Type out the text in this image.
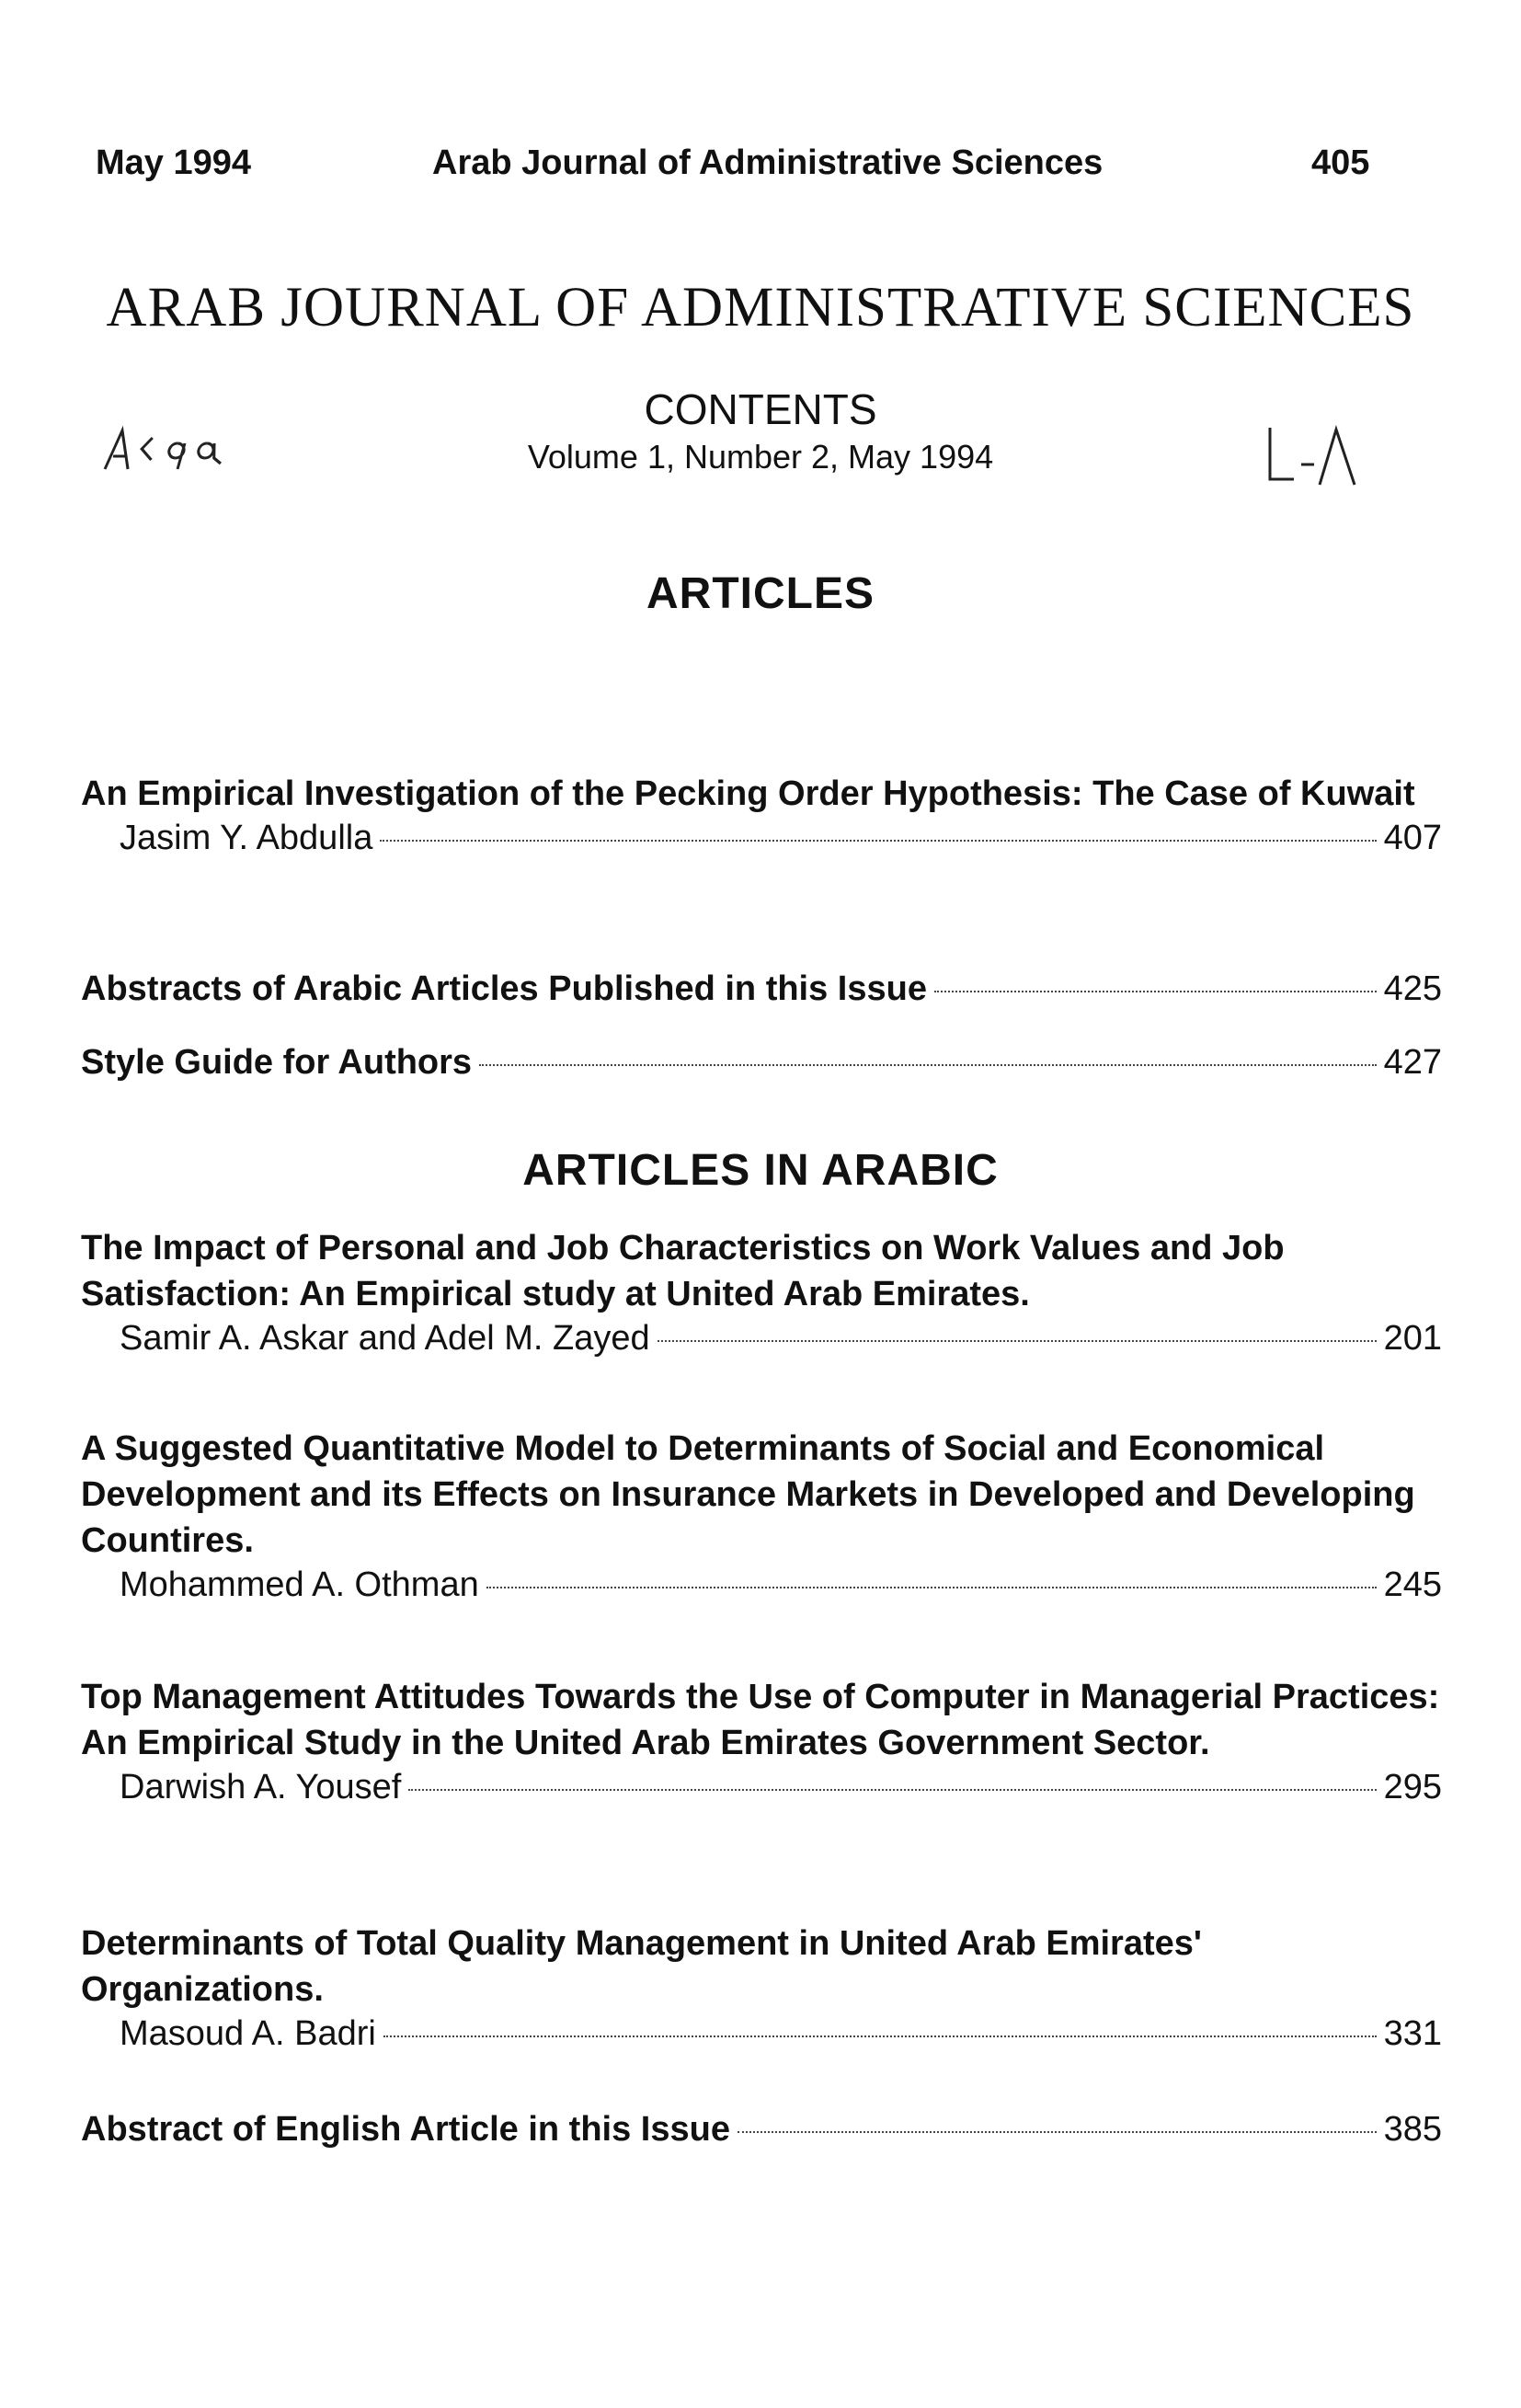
May 1994	Arab Journal of Administrative Sciences	405
ARAB JOURNAL OF ADMINISTRATIVE SCIENCES
CONTENTS
Volume 1, Number 2, May 1994
ARTICLES
An Empirical Investigation of the Pecking Order Hypothesis: The Case of Kuwait
Jasim Y. Abdulla	407
Abstracts of Arabic Articles Published in this Issue	425
Style Guide for Authors	427
ARTICLES IN ARABIC
The Impact of Personal and Job Characteristics on Work Values and Job Satisfaction: An Empirical study at United Arab Emirates.
Samir A. Askar and Adel M. Zayed	201
A Suggested Quantitative Model to Determinants of Social and Economical Development and its Effects on Insurance Markets in Developed and Developing Countires.
Mohammed A. Othman	245
Top Management Attitudes Towards the Use of Computer in Managerial Practices: An Empirical Study in the United Arab Emirates Government Sector.
Darwish A. Yousef	295
Determinants of Total Quality Management in United Arab Emirates' Organizations.
Masoud A. Badri	331
Abstract of English Article in this Issue	385
